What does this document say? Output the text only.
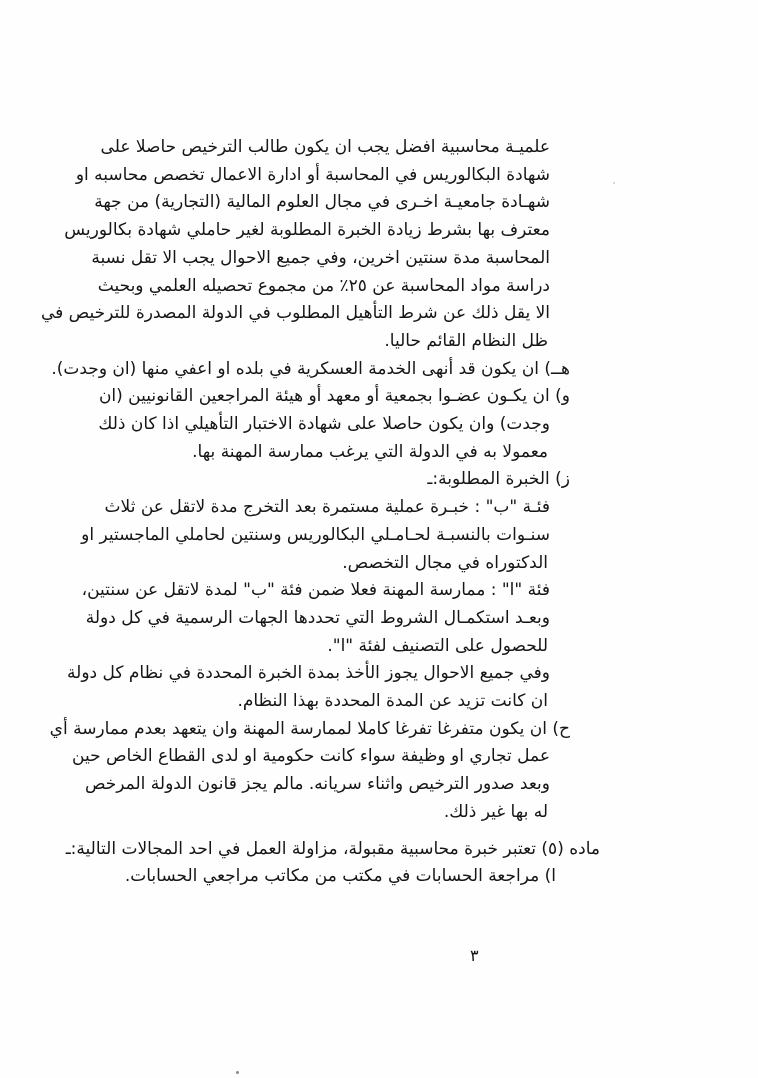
علميـة محاسبية افضل يجب ان يكون طالب الترخيص حاصلا على
شهادة البكالوريس في المحاسبة أو ادارة الاعمال تخصص محاسبه او
شهـادة جامعيـة اخـرى في مجال العلوم المالية (التجارية) من جهة
معترف بها بشرط زيادة الخبرة المطلوبة لغير حاملي شهادة بكالوريس
المحاسبة مدة سنتين اخرين، وفي جميع الاحوال يجب الا تقل نسبة
دراسة مواد المحاسبة عن ٢٥٪ من مجموع تحصيله العلمي وبحيث
الا يقل ذلك عن شرط التأهيل المطلوب في الدولة المصدرة للترخيص في
ظل النظام القائم حاليا.
هــ) ان يكون قد أنهى الخدمة العسكرية في بلده او اعفي منها (ان وجدت).
و) ان يكـون عضـوا بجمعية أو معهد أو هيئة المراجعين القانونيين (ان
وجدت) وان يكون حاصلا على شهادة الاختبار التأهيلي اذا كان ذلك
معمولا به في الدولة التي يرغب ممارسة المهنة بها.
ز) الخبرة المطلوبة:ـ
فئـة "ب" : خبـرة عملية مستمرة بعد التخرج مدة لاتقل عن ثلاث
سنـوات بالنسبـة لحـامـلي البكالوريس وسنتين لحاملي الماجستير او
الدكتوراه في مجال التخصص.
فئة "ا" : ممارسة المهنة فعلا ضمن فئة "ب" لمدة لاتقل عن سنتين،
وبعـد استكمـال الشروط التي تحددها الجهات الرسمية في كل دولة
للحصول على التصنيف لفئة "ا".
وفي جميع الاحوال يجوز الأخذ بمدة الخبرة المحددة في نظام كل دولة
ان كانت تزيد عن المدة المحددة بهذا النظام.
ح) ان يكون متفرغا تفرغا كاملا لممارسة المهنة وان يتعهد بعدم ممارسة أي
عمل تجاري او وظيفة سواء كانت حكومية او لدى القطاع الخاص حين
وبعد صدور الترخيص واثناء سريانه. مالم يجز قانون الدولة المرخص
له بها غير ذلك.
ماده (٥) تعتبر خبرة محاسبية مقبولة، مزاولة العمل في احد المجالات التالية:ـ
ا) مراجعة الحسابات في مكتب من مكاتب مراجعي الحسابات.
٣
